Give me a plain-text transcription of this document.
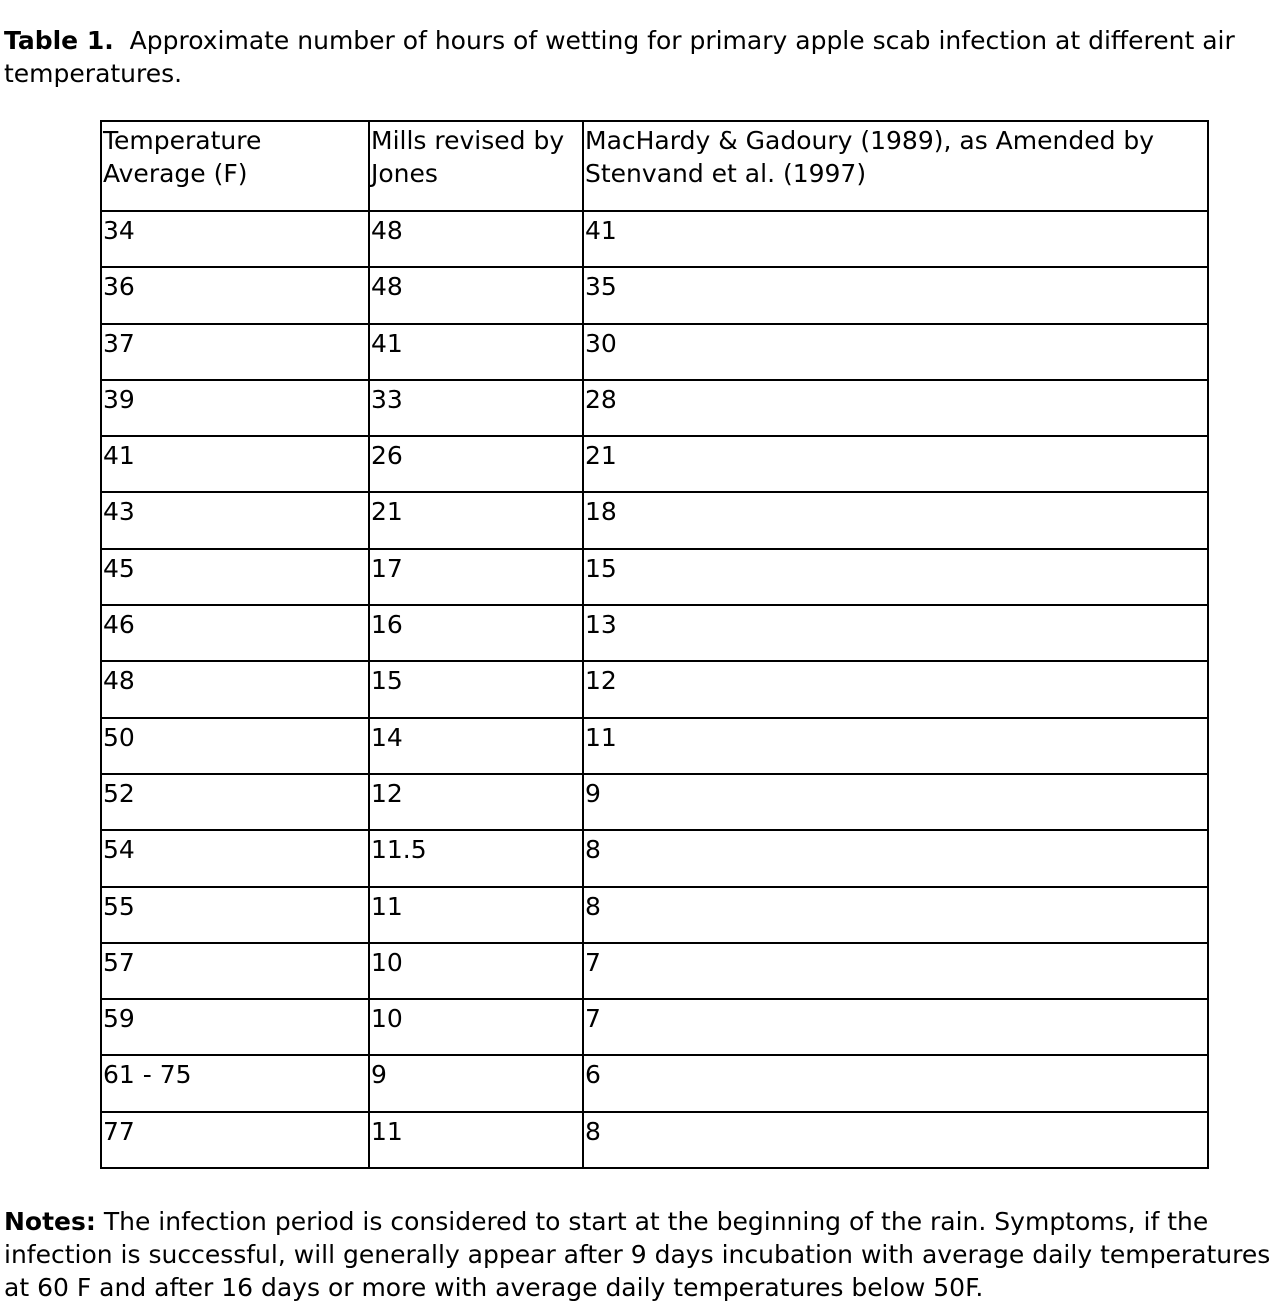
Table 1. Approximate number of hours of wetting for primary apple scab infection at different air temperatures.

Temperature Average (F)	Mills revised by Jones	MacHardy & Gadoury (1989), as Amended by Stenvand et al. (1997)
34	48	41
36	48	35
37	41	30
39	33	28
41	26	21
43	21	18
45	17	15
46	16	13
48	15	12
50	14	11
52	12	9
54	11.5	8
55	11	8
57	10	7
59	10	7
61 - 75	9	6
77	11	8

Notes: The infection period is considered to start at the beginning of the rain. Symptoms, if the infection is successful, will generally appear after 9 days incubation with average daily temperatures at 60 F and after 16 days or more with average daily temperatures below 50F.
